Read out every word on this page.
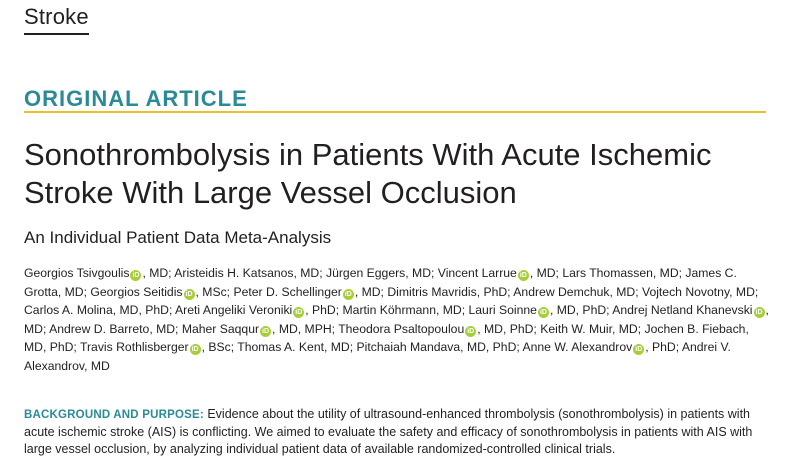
Stroke
ORIGINAL ARTICLE
Sonothrombolysis in Patients With Acute Ischemic Stroke With Large Vessel Occlusion
An Individual Patient Data Meta-Analysis
Georgios Tsivgoulis iD , MD; Aristeidis H. Katsanos, MD; Jürgen Eggers, MD; Vincent Larrue iD , MD; Lars Thomassen, MD; James C. Grotta, MD; Georgios Seitidis iD , MSc; Peter D. Schellinger iD , MD; Dimitris Mavridis, PhD; Andrew Demchuk, MD; Vojtech Novotny, MD; Carlos A. Molina, MD, PhD; Areti Angeliki Veroniki iD , PhD; Martin Köhrmann, MD; Lauri Soinne iD , MD, PhD; Andrej Netland Khanevski iD , MD; Andrew D. Barreto, MD; Maher Saqqur iD , MD, MPH; Theodora Psaltopoulou iD , MD, PhD; Keith W. Muir, MD; Jochen B. Fiebach, MD, PhD; Travis Rothlisberger iD , BSc; Thomas A. Kent, MD; Pitchaiah Mandava, MD, PhD; Anne W. Alexandrov iD , PhD; Andrei V. Alexandrov, MD
BACKGROUND AND PURPOSE: Evidence about the utility of ultrasound-enhanced thrombolysis (sonothrombolysis) in patients with acute ischemic stroke (AIS) is conflicting. We aimed to evaluate the safety and efficacy of sonothrombolysis in patients with AIS with large vessel occlusion, by analyzing individual patient data of available randomized-controlled clinical trials.
